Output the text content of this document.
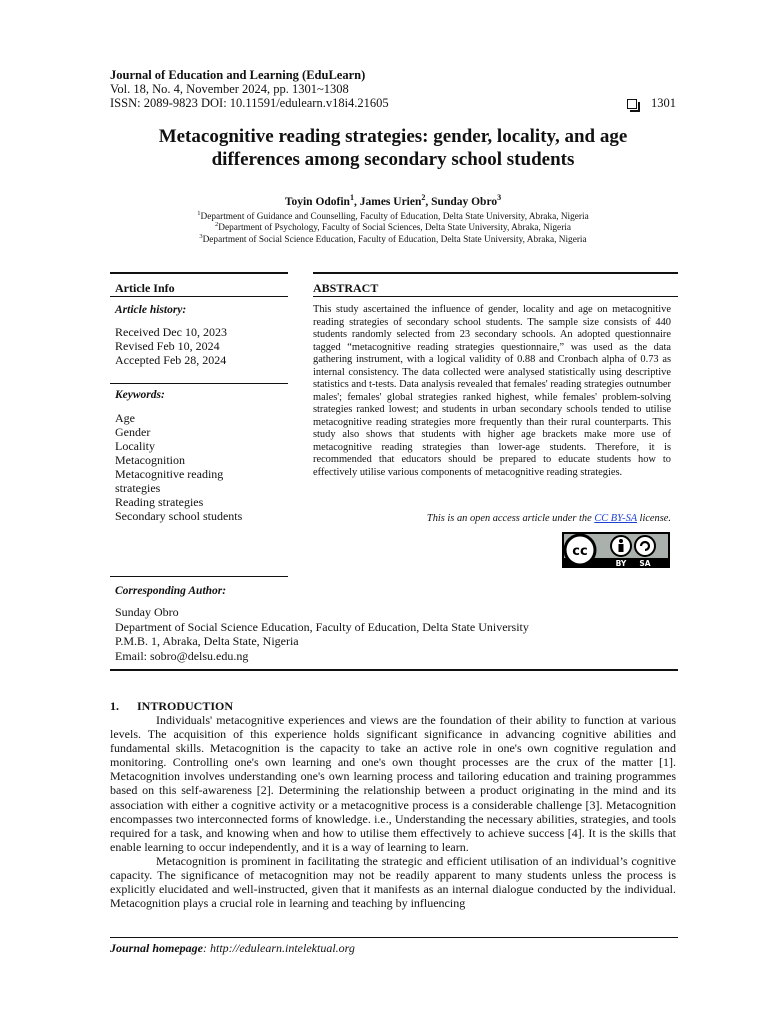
Journal of Education and Learning (EduLearn)
Vol. 18, No. 4, November 2024, pp. 1301~1308
ISSN: 2089-9823 DOI: 10.11591/edulearn.v18i4.21605	1301
Metacognitive reading strategies: gender, locality, and age
differences among secondary school students
Toyin Odofin$^1$, James Urien$^2$, Sunday Obro$^3$
$^1$Department of Guidance and Counselling, Faculty of Education, Delta State University, Abraka, Nigeria
$^2$Department of Psychology, Faculty of Social Sciences, Delta State University, Abraka, Nigeria
$^3$Department of Social Science Education, Faculty of Education, Delta State University, Abraka, Nigeria
Article Info
Article history:
Received Dec 10, 2023
Revised Feb 10, 2024
Accepted Feb 28, 2024
Keywords:
Age
Gender
Locality
Metacognition
Metacognitive reading
strategies
Reading strategies
Secondary school students
ABSTRACT
This study ascertained the influence of gender, locality and age on metacognitive reading strategies of secondary school students. The sample size consists of 440 students randomly selected from 23 secondary schools. An adopted questionnaire tagged “metacognitive reading strategies questionnaire,” was used as the data gathering instrument, with a logical validity of 0.88 and Cronbach alpha of 0.73 as internal consistency. The data collected were analysed statistically using descriptive statistics and t-tests. Data analysis revealed that females' reading strategies outnumber males'; females' global strategies ranked highest, while females' problem-solving strategies ranked lowest; and students in urban secondary schools tended to utilise metacognitive reading strategies more frequently than their rural counterparts. This study also shows that students with higher age brackets make more use of metacognitive reading strategies than lower-age students. Therefore, it is recommended that educators should be prepared to educate students how to effectively utilise various components of metacognitive reading strategies.
This is an open access article under the CC BY-SA license.
cc
BY SA
Corresponding Author:
Sunday Obro
Department of Social Science Education, Faculty of Education, Delta State University
P.M.B. 1, Abraka, Delta State, Nigeria
Email: sobro@delsu.edu.ng
1. INTRODUCTION

Individuals' metacognitive experiences and views are the foundation of their ability to function at various levels. The acquisition of this experience holds significant significance in advancing cognitive abilities and fundamental skills. Metacognition is the capacity to take an active role in one's own cognitive regulation and monitoring. Controlling one's own learning and one's own thought processes are the crux of the matter [1]. Metacognition involves understanding one's own learning process and tailoring education and training programmes based on this self-awareness [2]. Determining the relationship between a product originating in the mind and its association with either a cognitive activity or a metacognitive process is a considerable challenge [3]. Metacognition encompasses two interconnected forms of knowledge. i.e., Understanding the necessary abilities, strategies, and tools required for a task, and knowing when and how to utilise them effectively to achieve success [4]. It is the skills that enable learning to occur independently, and it is a way of learning to learn.

Metacognition is prominent in facilitating the strategic and efficient utilisation of an individual’s cognitive capacity. The significance of metacognition may not be readily apparent to many students unless the process is explicitly elucidated and well-instructed, given that it manifests as an internal dialogue conducted by the individual. Metacognition plays a crucial role in learning and teaching by influencing

Journal homepage: http://edulearn.intelektual.org
